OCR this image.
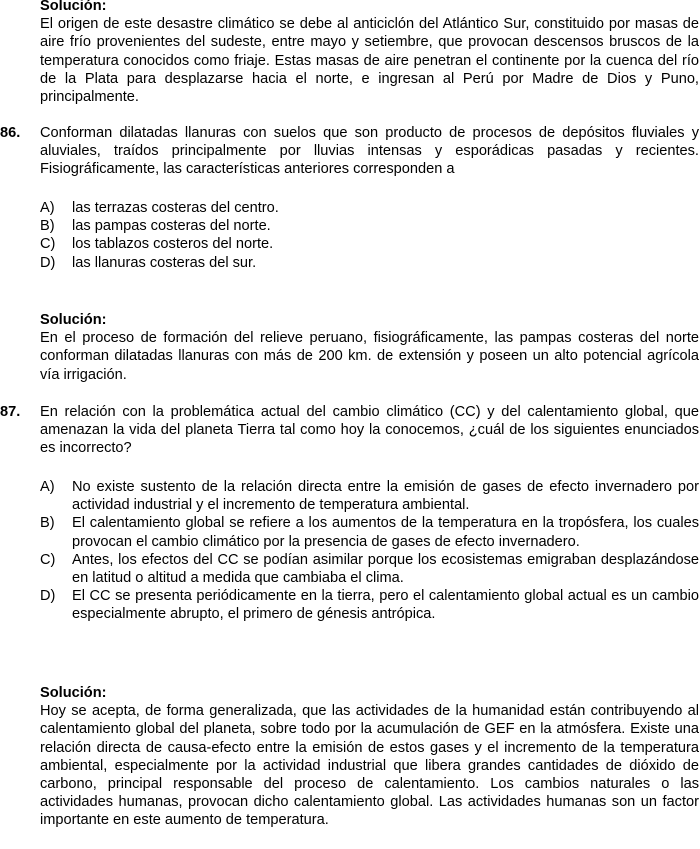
Solución:
El origen de este desastre climático se debe al anticiclón del Atlántico Sur, constituido por masas de aire frío provenientes del sudeste, entre mayo y setiembre, que provocan descensos bruscos de la temperatura conocidos como friaje. Estas masas de aire penetran el continente por la cuenca del río de la Plata para desplazarse hacia el norte, e ingresan al Perú por Madre de Dios y Puno, principalmente.
86.	Conforman dilatadas llanuras con suelos que son producto de procesos de depósitos fluviales y aluviales, traídos principalmente por lluvias intensas y esporádicas pasadas y recientes. Fisiográficamente, las características anteriores corresponden a
A) las terrazas costeras del centro.
B) las pampas costeras del norte.
C) los tablazos costeros del norte.
D) las llanuras costeras del sur.
Solución:
En el proceso de formación del relieve peruano, fisiográficamente, las pampas costeras del norte conforman dilatadas llanuras con más de 200 km. de extensión y poseen un alto potencial agrícola vía irrigación.
87.	En relación con la problemática actual del cambio climático (CC) y del calentamiento global, que amenazan la vida del planeta Tierra tal como hoy la conocemos, ¿cuál de los siguientes enunciados es incorrecto?
A) No existe sustento de la relación directa entre la emisión de gases de efecto invernadero por actividad industrial y el incremento de temperatura ambiental.
B) El calentamiento global se refiere a los aumentos de la temperatura en la tropósfera, los cuales provocan el cambio climático por la presencia de gases de efecto invernadero.
C) Antes, los efectos del CC se podían asimilar porque los ecosistemas emigraban desplazándose en latitud o altitud a medida que cambiaba el clima.
D) El CC se presenta periódicamente en la tierra, pero el calentamiento global actual es un cambio especialmente abrupto, el primero de génesis antrópica.
Solución:
Hoy se acepta, de forma generalizada, que las actividades de la humanidad están contribuyendo al calentamiento global del planeta, sobre todo por la acumulación de GEF en la atmósfera. Existe una relación directa de causa-efecto entre la emisión de estos gases y el incremento de la temperatura ambiental, especialmente por la actividad industrial que libera grandes cantidades de dióxido de carbono, principal responsable del proceso de calentamiento. Los cambios naturales o las actividades humanas, provocan dicho calentamiento global. Las actividades humanas son un factor importante en este aumento de temperatura.
